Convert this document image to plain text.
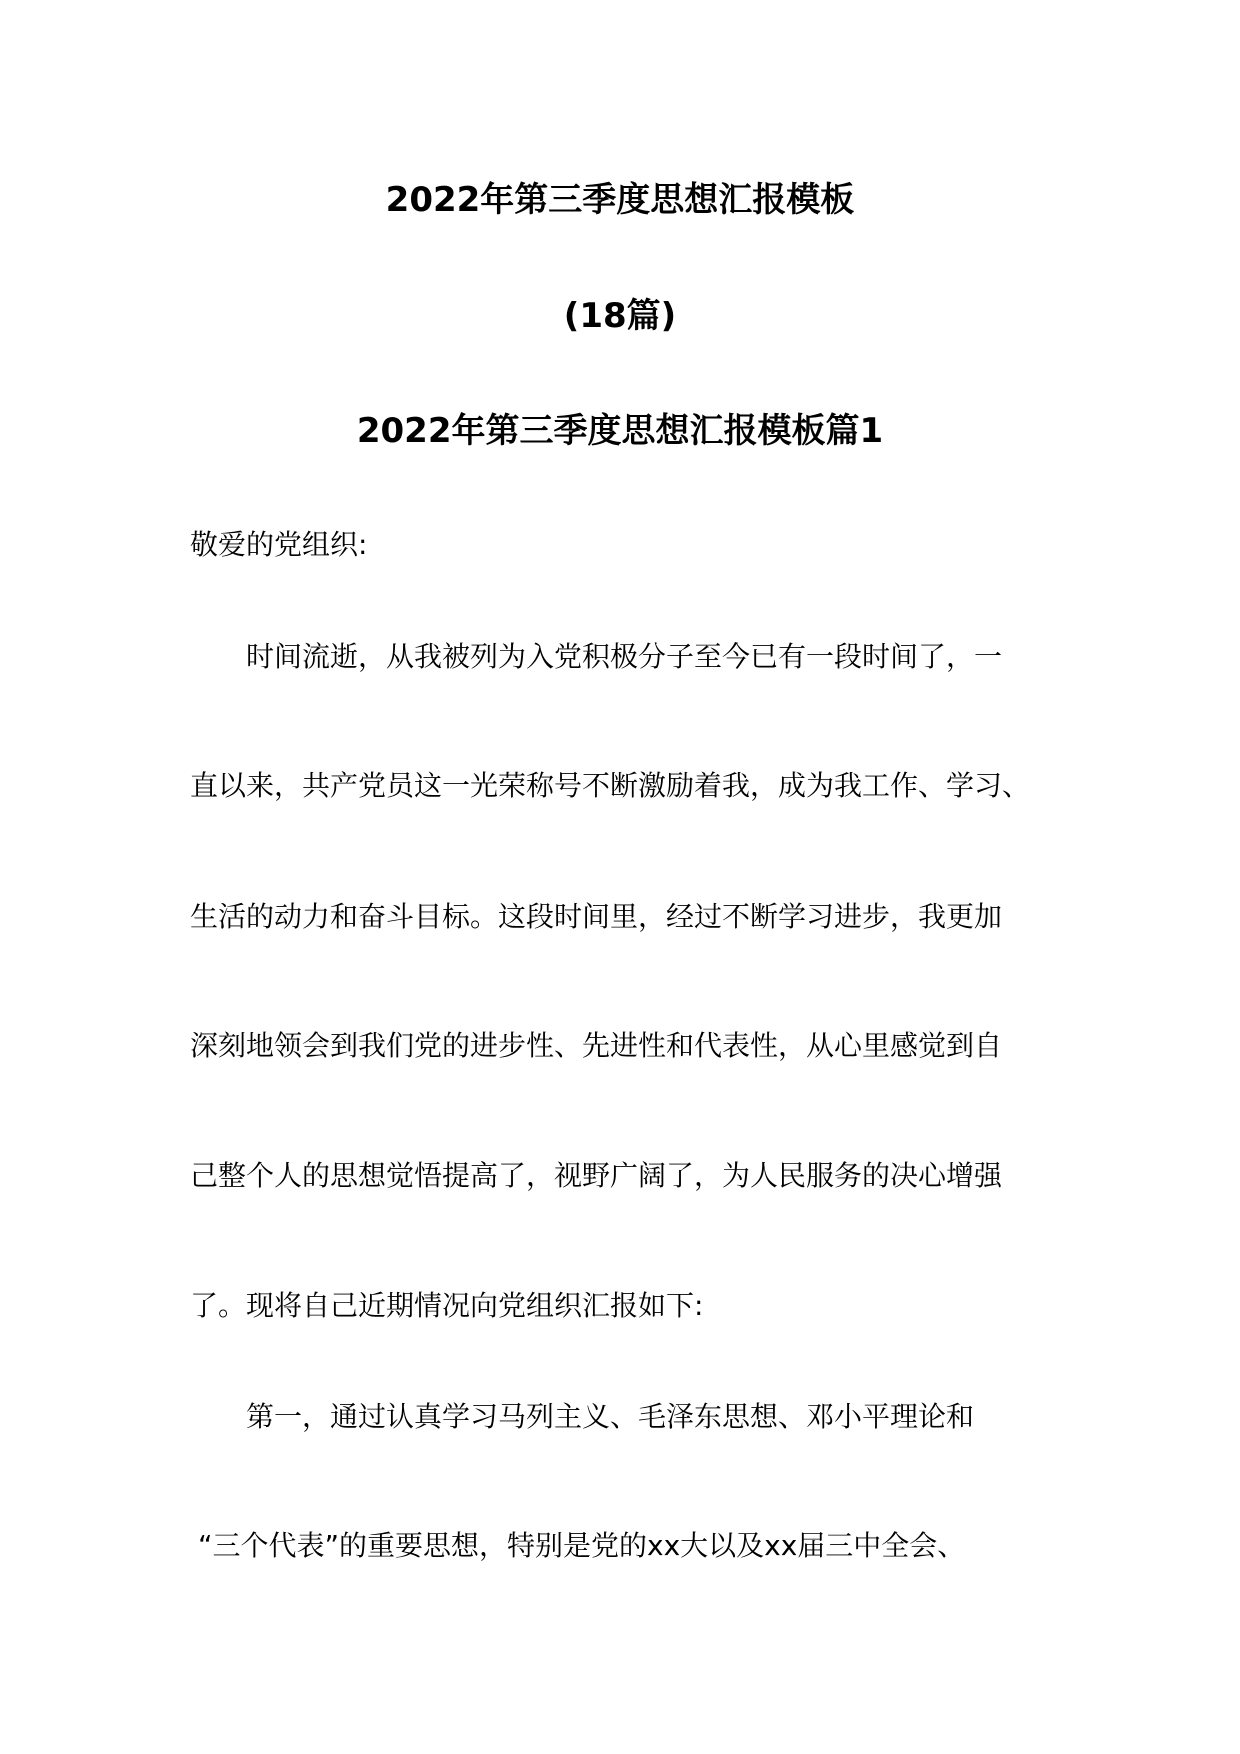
2022年第三季度思想汇报模板
(18篇)
2022年第三季度思想汇报模板篇1
敬爱的党组织:
时间流逝，从我被列为入党积极分子至今已有一段时间了，一
直以来，共产党员这一光荣称号不断激励着我，成为我工作、学习、
生活的动力和奋斗目标。这段时间里，经过不断学习进步，我更加
深刻地领会到我们党的进步性、先进性和代表性，从心里感觉到自
己整个人的思想觉悟提高了，视野广阔了，为人民服务的决心增强
了。现将自己近期情况向党组织汇报如下:
第一，通过认真学习马列主义、毛泽东思想、邓小平理论和
“三个代表”的重要思想，特别是党的xx大以及xx届三中全会、
